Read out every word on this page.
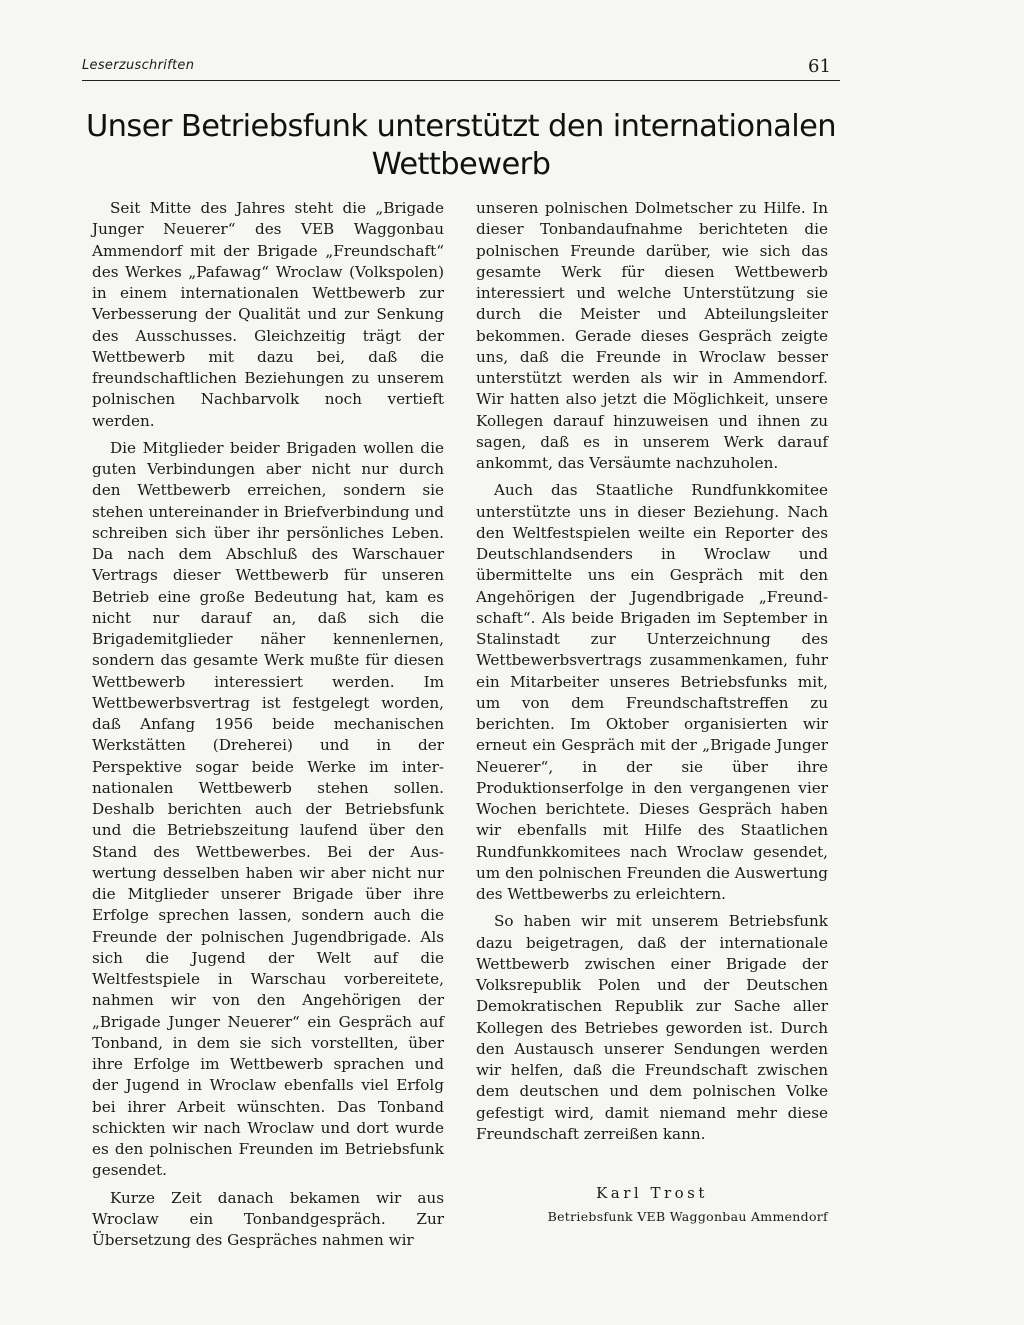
Leserzuschriften	61
Unser Betriebsfunk unterstützt den internationalen Wettbewerb

Seit Mitte des Jahres steht die „Brigade Junger Neuerer“ des VEB Waggonbau Ammendorf mit der Brigade „Freundschaft“ des Werkes „Pafawag“ Wroclaw (Volkspolen) in einem internationalen Wettbewerb zur Verbesserung der Qualität und zur Senkung des Ausschusses. Gleichzeitig trägt der Wettbewerb mit dazu bei, daß die freundschaftlichen Beziehungen zu unserem polnischen Nachbarvolk noch vertieft werden.

Die Mitglieder beider Brigaden wollen die guten Verbindungen aber nicht nur durch den Wettbewerb erreichen, sondern sie stehen untereinander in Briefverbindung und schreiben sich über ihr persönliches Leben. Da nach dem Abschluß des Warschauer Vertrags dieser Wettbewerb für unseren Betrieb eine große Bedeutung hat, kam es nicht nur darauf an, daß sich die Brigademitglieder näher kennenlernen, sondern das gesamte Werk mußte für diesen Wettbewerb interessiert werden. Im Wettbewerbsvertrag ist festgelegt worden, daß Anfang 1956 beide mechanischen Werkstätten (Dreherei) und in der Perspektive sogar beide Werke im internationalen Wettbewerb stehen sollen. Deshalb berichten auch der Betriebsfunk und die Betriebszeitung laufend über den Stand des Wettbewerbes. Bei der Auswertung desselben haben wir aber nicht nur die Mitglieder unserer Brigade über ihre Erfolge sprechen lassen, sondern auch die Freunde der polnischen Jugendbrigade. Als sich die Jugend der Welt auf die Weltfestspiele in Warschau vorbereitete, nahmen wir von den Angehörigen der „Brigade Junger Neuerer“ ein Gespräch auf Tonband, in dem sie sich vorstellten, über ihre Erfolge im Wettbewerb sprachen und der Jugend in Wroclaw ebenfalls viel Erfolg bei ihrer Arbeit wünschten. Das Tonband schickten wir nach Wroclaw und dort wurde es den polnischen Freunden im Betriebsfunk gesendet.

Kurze Zeit danach bekamen wir aus Wroclaw ein Tonbandgespräch. Zur Übersetzung des Gespräches nahmen wir

unseren polnischen Dolmetscher zu Hilfe. In dieser Tonbandaufnahme berichteten die polnischen Freunde darüber, wie sich das gesamte Werk für diesen Wettbewerb interessiert und welche Unterstützung sie durch die Meister und Abteilungsleiter bekommen. Gerade dieses Gespräch zeigte uns, daß die Freunde in Wroclaw besser unterstützt werden als wir in Ammendorf. Wir hatten also jetzt die Möglichkeit, unsere Kollegen darauf hinzuweisen und ihnen zu sagen, daß es in unserem Werk darauf ankommt, das Versäumte nachzuholen.

Auch das Staatliche Rundfunkkomitee unterstützte uns in dieser Beziehung. Nach den Weltfestspielen weilte ein Reporter des Deutschlandsenders in Wroclaw und übermittelte uns ein Gespräch mit den Angehörigen der Jugendbrigade „Freundschaft“. Als beide Brigaden im September in Stalinstadt zur Unterzeichnung des Wettbewerbsvertrags zusammenkamen, fuhr ein Mitarbeiter unseres Betriebsfunks mit, um von dem Freundschaftstreffen zu berichten. Im Oktober organisierten wir erneut ein Gespräch mit der „Brigade Junger Neuerer“, in der sie über ihre Produktionserfolge in den vergangenen vier Wochen berichtete. Dieses Gespräch haben wir ebenfalls mit Hilfe des Staatlichen Rundfunkkomitees nach Wroclaw gesendet, um den polnischen Freunden die Auswertung des Wettbewerbs zu erleichtern.

So haben wir mit unserem Betriebsfunk dazu beigetragen, daß der internationale Wettbewerb zwischen einer Brigade der Volksrepublik Polen und der Deutschen Demokratischen Republik zur Sache aller Kollegen des Betriebes geworden ist. Durch den Austausch unserer Sendungen werden wir helfen, daß die Freundschaft zwischen dem deutschen und dem polnischen Volke gefestigt wird, damit niemand mehr diese Freundschaft zerreißen kann.

Karl Trost
Betriebsfunk VEB Waggonbau Ammendorf
